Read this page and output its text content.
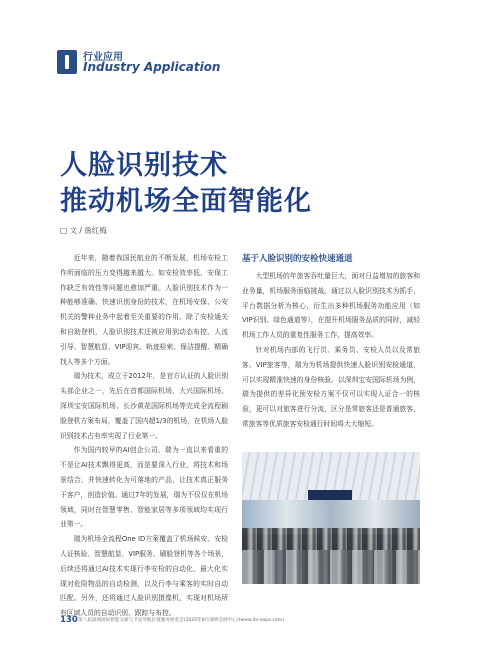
行业应用
Industry Application
人脸识别技术
推动机场全面智能化
□ 文 / 詹红梅

近年来，随着我国民航业的不断发展，机场安检工作所面临的压力变得越来越大。如安检效率低、安保工作缺乏有效性等问题也愈加严重。人脸识别技术作为一种能够准确、快速识别身份的技术，在机场安保、公安机关的警种业务中起着至关重要的作用。除了安检通关和自助登机，人脸识别技术还被应用到动态布控、人流引导、智慧航显、VIP迎宾、轨迹检索、保洁提醒、精确找人等多个方面。

瑞为技术，成立于2012年，是官方认证的人脸识别头部企业之一，先后在首都国际机场、大兴国际机场、深圳宝安国际机场、长沙黄花国际机场等完成全流程刷脸登机方案布局，覆盖了国内超1/3的机场，在机场人脸识别技术占有率实现了行业第一。

作为国内较早的AI创企公司，瑞为一直以来看重的不是让AI技术飘得更高，而是要深入行业，将技术和场景结合，并快速转化为可落地的产品，让技术真正服务于客户，创造价值。通过7年的发展，瑞为不仅仅在机场领域，同时在智慧零售、智能家居等多项领域均实现行业第一。

瑞为机场全流程One ID方案覆盖了机场候安、安检人证核验、智慧航显、VIP服务、刷脸登机等各个场景，后续还将通过AI技术实现行李安检的自动化，最大化实现对危险物品的自动检测，以及行李与乘客的实时自动匹配。另外，还将通过人脸识别摄像机，实现对机场所有区域人员的自动识别、跟踪与布控。

基于人脸识别的安检快速通道

大型机场的年旅客吞吐量巨大，面对日益增加的旅客和业务量，机场服务面临挑战。通过以人脸识别技术为抓手，平台数据分析为核心，衍生出多种机场服务功能应用（如VIP识别、绿色通道等），在提升机场服务品质的同时，减轻机场工作人员的重复性服务工作，提高效率。

针对机场内部的飞行员、乘务员、安检人员以及常旅客、VIP旅客等，瑞为为机场提供快速人脸识别安检通道，可以实现精准快速的身份核验。以深圳宝安国际机场为例，瑞为提供的差异化预安检方案不仅可以实现人证合一的核验，更可以对旅客进行分流，区分是常旅客还是普通旅客，常旅客等优质旅客安检通行时间将大大缩短。

130 第八届深圳国际智能交通与卫星导航位置服务展览会(2020年8月深圳会展中心)(www.its-expo.com)
